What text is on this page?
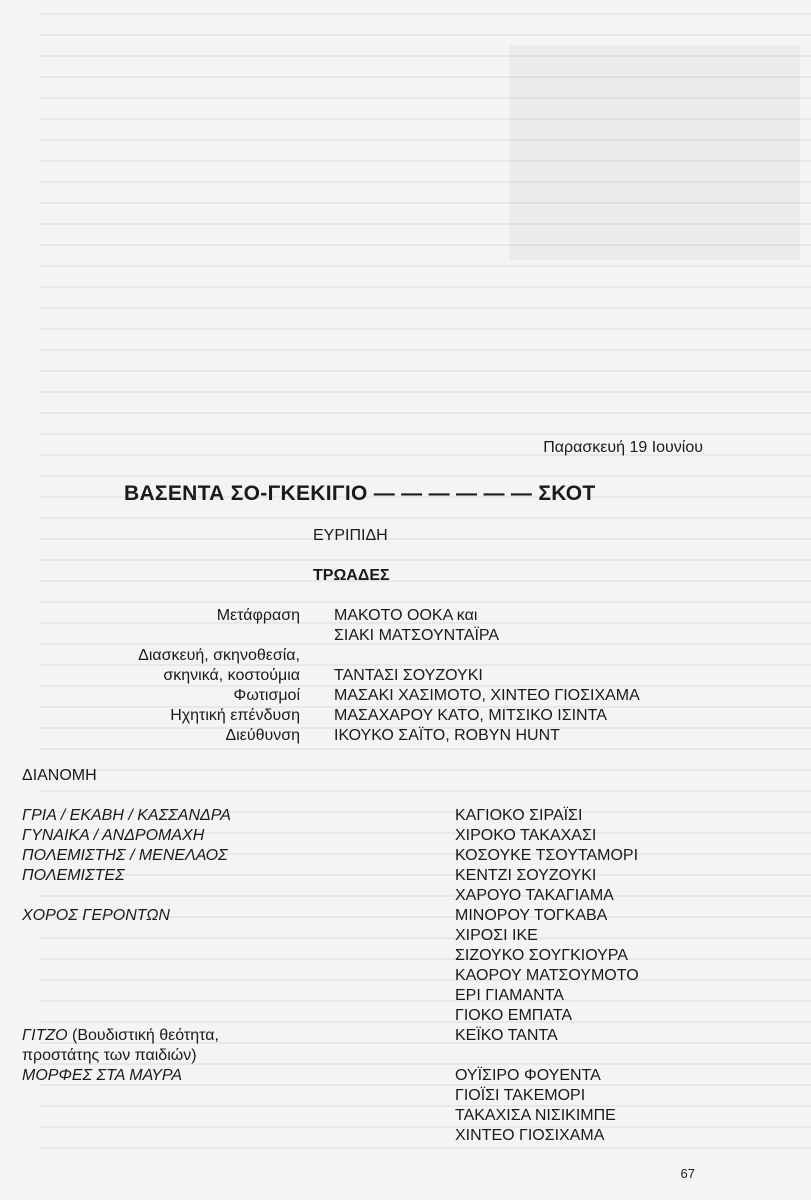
Παρασκευή 19 Ιουνίου

ΒΑΣΕΝΤΑ ΣΟ-ΓΚΕΚΙΓΙΟ — — — — — — ΣΚΟΤ

ΕΥΡΙΠΙΔΗ

ΤΡΩΑΔΕΣ

Μετάφραση
Διασκευή, σκηνοθεσία,
σκηνικά, κοστούμια
Φωτισμοί
Ηχητική επένδυση
Διεύθυνση
ΜΑΚΟΤΟ ΟΟΚΑ και
ΣΙΑΚΙ ΜΑΤΣΟΥΝΤΑΪΡΑ
ΤΑΝΤΑΣΙ ΣΟΥΖΟΥΚΙ
ΜΑΣΑΚΙ ΧΑΣΙΜΟΤΟ, ΧΙΝΤΕΟ ΓΙΟΣΙΧΑΜΑ
ΜΑΣΑΧΑΡΟΥ ΚΑΤΟ, ΜΙΤΣΙΚΟ ΙΣΙΝΤΑ
ΙΚΟΥΚΟ ΣΑΪΤΟ, ROBYN HUNT

ΔΙΑΝΟΜΗ

ΓΡΙΑ / ΕΚΑΒΗ / ΚΑΣΣΑΝΔΡΑ
ΓΥΝΑΙΚΑ / ΑΝΔΡΟΜΑΧΗ
ΠΟΛΕΜΙΣΤΗΣ / ΜΕΝΕΛΑΟΣ
ΠΟΛΕΜΙΣΤΕΣ
ΧΟΡΟΣ ΓΕΡΟΝΤΩΝ
ΓΙΤΖΟ (Βουδιστική θεότητα,
προστάτης των παιδιών)
ΜΟΡΦΕΣ ΣΤΑ ΜΑΥΡΑ
ΚΑΓΙΟΚΟ ΣΙΡΑΪΣΙ
ΧΙΡΟΚΟ ΤΑΚΑΧΑΣΙ
ΚΟΣΟΥΚΕ ΤΣΟΥΤΑΜΟΡΙ
ΚΕΝΤΖΙ ΣΟΥΖΟΥΚΙ
ΧΑΡΟΥΟ ΤΑΚΑΓΙΑΜΑ
ΜΙΝΟΡΟΥ ΤΟΓΚΑΒΑ
ΧΙΡΟΣΙ ΙΚΕ
ΣΙΖΟΥΚΟ ΣΟΥΓΚΙΟΥΡΑ
ΚΑΟΡΟΥ ΜΑΤΣΟΥΜΟΤΟ
ΕΡΙ ΓΙΑΜΑΝΤΑ
ΓΙΟΚΟ ΕΜΠΑΤΑ
ΚΕΪΚΟ ΤΑΝΤΑ
ΟΥΪΣΙΡΟ ΦΟΥΕΝΤΑ
ΓΙΟΪΣΙ ΤΑΚΕΜΟΡΙ
ΤΑΚΑΧΙΣΑ ΝΙΣΙΚΙΜΠΕ
ΧΙΝΤΕΟ ΓΙΟΣΙΧΑΜΑ

67
